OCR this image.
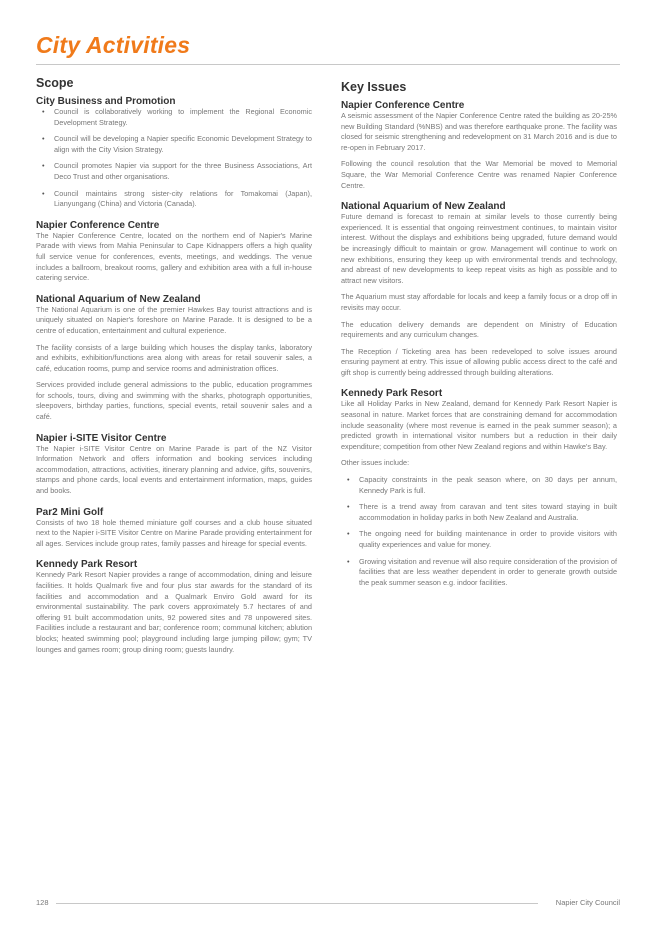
City Activities
Scope
City Business and Promotion
• Council is collaboratively working to implement the Regional Economic Development Strategy.
• Council will be developing a Napier specific Economic Development Strategy to align with the City Vision Strategy.
• Council promotes Napier via support for the three Business Associations, Art Deco Trust and other organisations.
• Council maintains strong sister-city relations for Tomakomai (Japan), Lianyungang (China) and Victoria (Canada).
Napier Conference Centre

The Napier Conference Centre, located on the northern end of Napier's Marine Parade with views from Mahia Peninsular to Cape Kidnappers offers a high quality full service venue for conferences, events, meetings, and weddings. The venue includes a ballroom, breakout rooms, gallery and exhibition area with a full in-house catering service.

National Aquarium of New Zealand

The National Aquarium is one of the premier Hawkes Bay tourist attractions and is uniquely situated on Napier's foreshore on Marine Parade. It is designed to be a centre of education, entertainment and cultural experience.

The facility consists of a large building which houses the display tanks, laboratory and exhibits, exhibition/functions area along with areas for retail souvenir sales, a café, education rooms, pump and service rooms and administration offices.

Services provided include general admissions to the public, education programmes for schools, tours, diving and swimming with the sharks, photograph opportunities, sleepovers, birthday parties, functions, special events, retail souvenir sales and a café.

Napier i-SITE Visitor Centre

The Napier i-SITE Visitor Centre on Marine Parade is part of the NZ Visitor Information Network and offers information and booking services including accommodation, attractions, activities, itinerary planning and advice, gifts, souvenirs, stamps and phone cards, local events and entertainment information, maps, guides and books.

Par2 Mini Golf

Consists of two 18 hole themed miniature golf courses and a club house situated next to the Napier i-SITE Visitor Centre on Marine Parade providing entertainment for all ages. Services include group rates, family passes and hireage for special events.

Kennedy Park Resort

Kennedy Park Resort Napier provides a range of accommodation, dining and leisure facilities. It holds Qualmark five and four plus star awards for the standard of its facilities and accommodation and a Qualmark Enviro Gold award for its environmental sustainability. The park covers approximately 5.7 hectares of and offering 91 built accommodation units, 92 powered sites and 78 unpowered sites. Facilities include a restaurant and bar; conference room; communal kitchen; ablution blocks; heated swimming pool; playground including large jumping pillow; gym; TV lounges and games room; group dining room; guests laundry.

Key Issues
Napier Conference Centre

A seismic assessment of the Napier Conference Centre rated the building as 20-25% new Building Standard (%NBS) and was therefore earthquake prone. The facility was closed for seismic strengthening and redevelopment on 31 March 2016 and is due to re-open in February 2017.

Following the council resolution that the War Memorial be moved to Memorial Square, the War Memorial Conference Centre was renamed Napier Conference Centre.

National Aquarium of New Zealand

Future demand is forecast to remain at similar levels to those currently being experienced. It is essential that ongoing reinvestment continues, to maintain visitor interest. Without the displays and exhibitions being upgraded, future demand would be increasingly difficult to maintain or grow. Management will continue to work on new exhibitions, ensuring they keep up with environmental trends and technology, and abreast of new developments to keep repeat visits as high as possible and to attract new visitors.

The Aquarium must stay affordable for locals and keep a family focus or a drop off in revisits may occur.

The education delivery demands are dependent on Ministry of Education requirements and any curriculum changes.

The Reception / Ticketing area has been redeveloped to solve issues around ensuring payment at entry. This issue of allowing public access direct to the café and gift shop is currently being addressed through building alterations.

Kennedy Park Resort

Like all Holiday Parks in New Zealand, demand for Kennedy Park Resort Napier is seasonal in nature. Market forces that are constraining demand for accommodation include seasonality (where most revenue is earned in the peak summer season); a predicted growth in international visitor numbers but a reduction in their daily expenditure; competition from other New Zealand regions and within Hawke's Bay.

Other issues include:

• Capacity constraints in the peak season where, on 30 days per annum, Kennedy Park is full.
• There is a trend away from caravan and tent sites toward staying in built accommodation in holiday parks in both New Zealand and Australia.
• The ongoing need for building maintenance in order to provide visitors with quality experiences and value for money.
• Growing visitation and revenue will also require consideration of the provision of facilities that are less weather dependent in order to generate growth outside the peak summer season e.g. indoor facilities.
128	Napier City Council
